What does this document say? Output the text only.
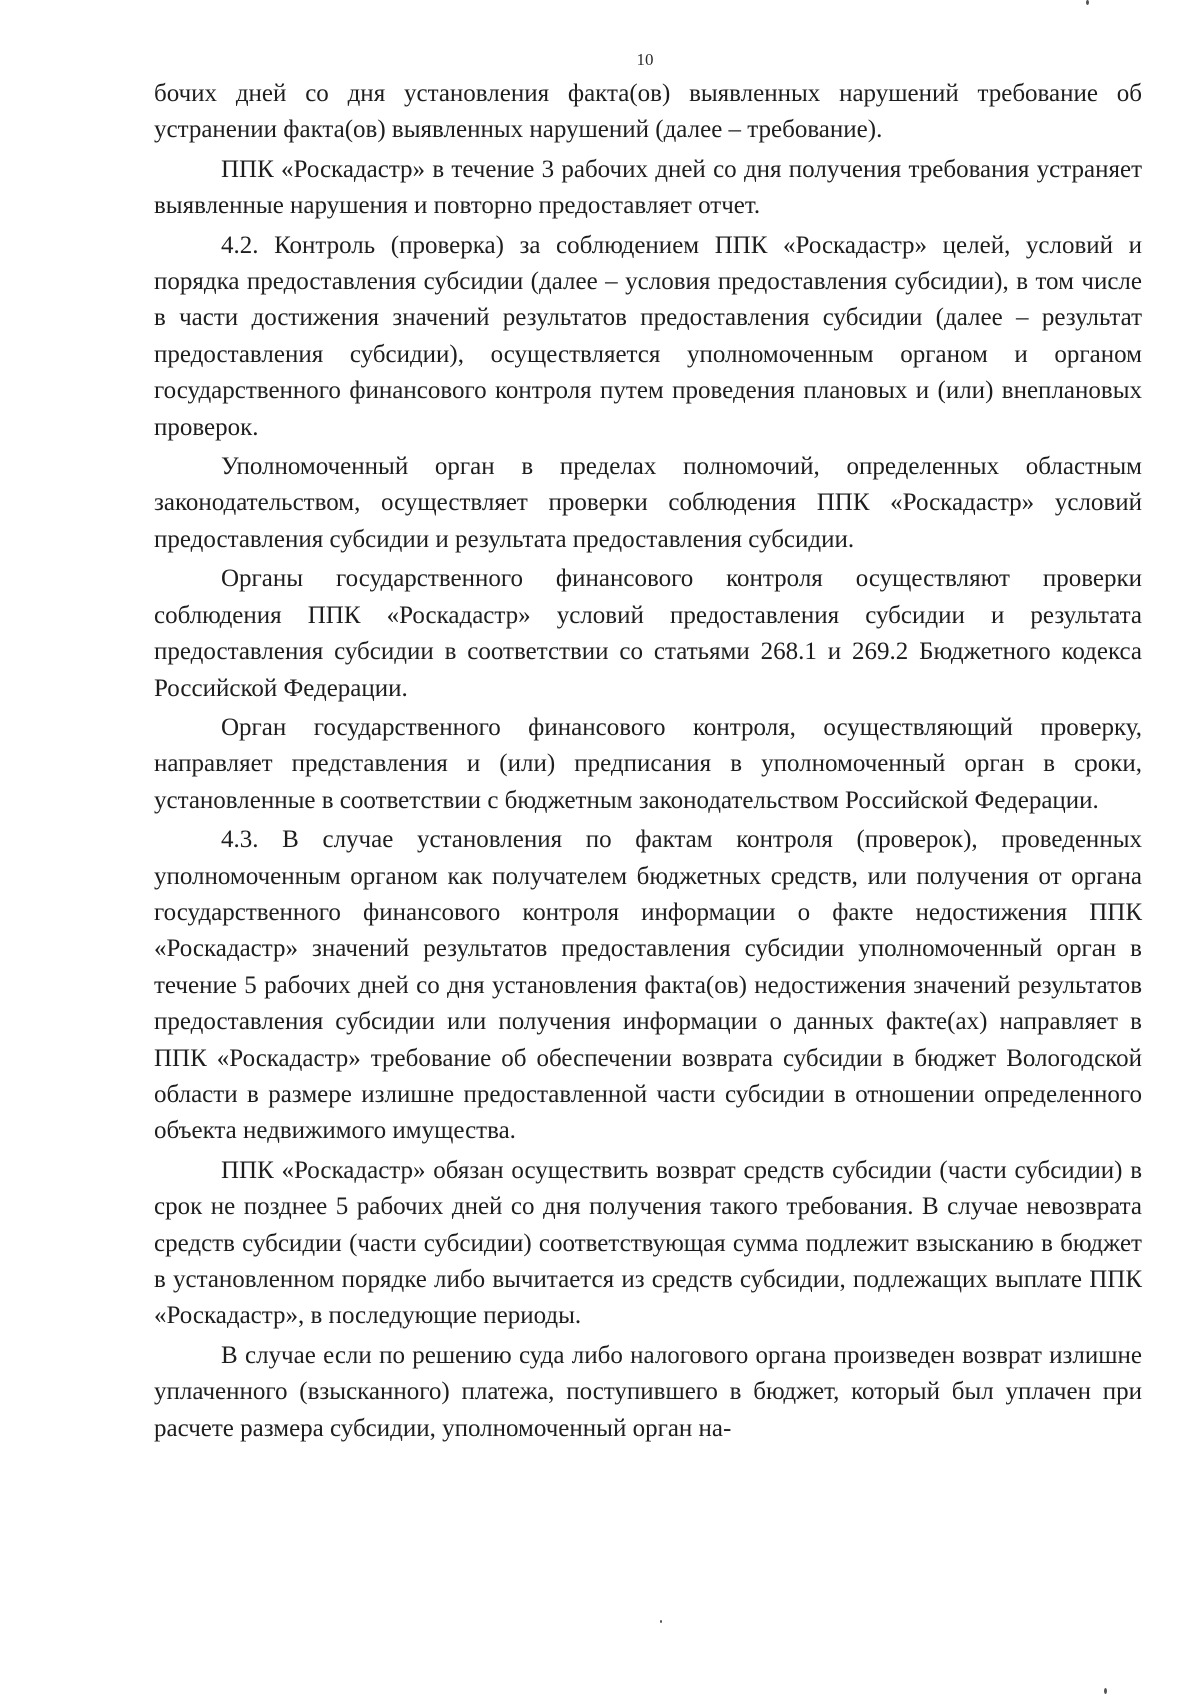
10

бочих дней со дня установления факта(ов) выявленных нарушений требование об устранении факта(ов) выявленных нарушений (далее – требование).

ППК «Роскадастр» в течение 3 рабочих дней со дня получения требования устраняет выявленные нарушения и повторно предоставляет отчет.

4.2. Контроль (проверка) за соблюдением ППК «Роскадастр» целей, условий и порядка предоставления субсидии (далее – условия предоставления субсидии), в том числе в части достижения значений результатов предоставления субсидии (далее – результат предоставления субсидии), осуществляется уполномоченным органом и органом государственного финансового контроля путем проведения плановых и (или) внеплановых проверок.

Уполномоченный орган в пределах полномочий, определенных областным законодательством, осуществляет проверки соблюдения ППК «Роскадастр» условий предоставления субсидии и результата предоставления субсидии.

Органы государственного финансового контроля осуществляют проверки соблюдения ППК «Роскадастр» условий предоставления субсидии и результата предоставления субсидии в соответствии со статьями 268.1 и 269.2 Бюджетного кодекса Российской Федерации.

Орган государственного финансового контроля, осуществляющий проверку, направляет представления и (или) предписания в уполномоченный орган в сроки, установленные в соответствии с бюджетным законодательством Российской Федерации.

4.3. В случае установления по фактам контроля (проверок), проведенных уполномоченным органом как получателем бюджетных средств, или получения от органа государственного финансового контроля информации о факте недостижения ППК «Роскадастр» значений результатов предоставления субсидии уполномоченный орган в течение 5 рабочих дней со дня установления факта(ов) недостижения значений результатов предоставления субсидии или получения информации о данных факте(ах) направляет в ППК «Роскадастр» требование об обеспечении возврата субсидии в бюджет Вологодской области в размере излишне предоставленной части субсидии в отношении определенного объекта недвижимого имущества.

ППК «Роскадастр» обязан осуществить возврат средств субсидии (части субсидии) в срок не позднее 5 рабочих дней со дня получения такого требования. В случае невозврата средств субсидии (части субсидии) соответствующая сумма подлежит взысканию в бюджет в установленном порядке либо вычитается из средств субсидии, подлежащих выплате ППК «Роскадастр», в последующие периоды.

В случае если по решению суда либо налогового органа произведен возврат излишне уплаченного (взысканного) платежа, поступившего в бюджет, который был уплачен при расчете размера субсидии, уполномоченный орган на-
